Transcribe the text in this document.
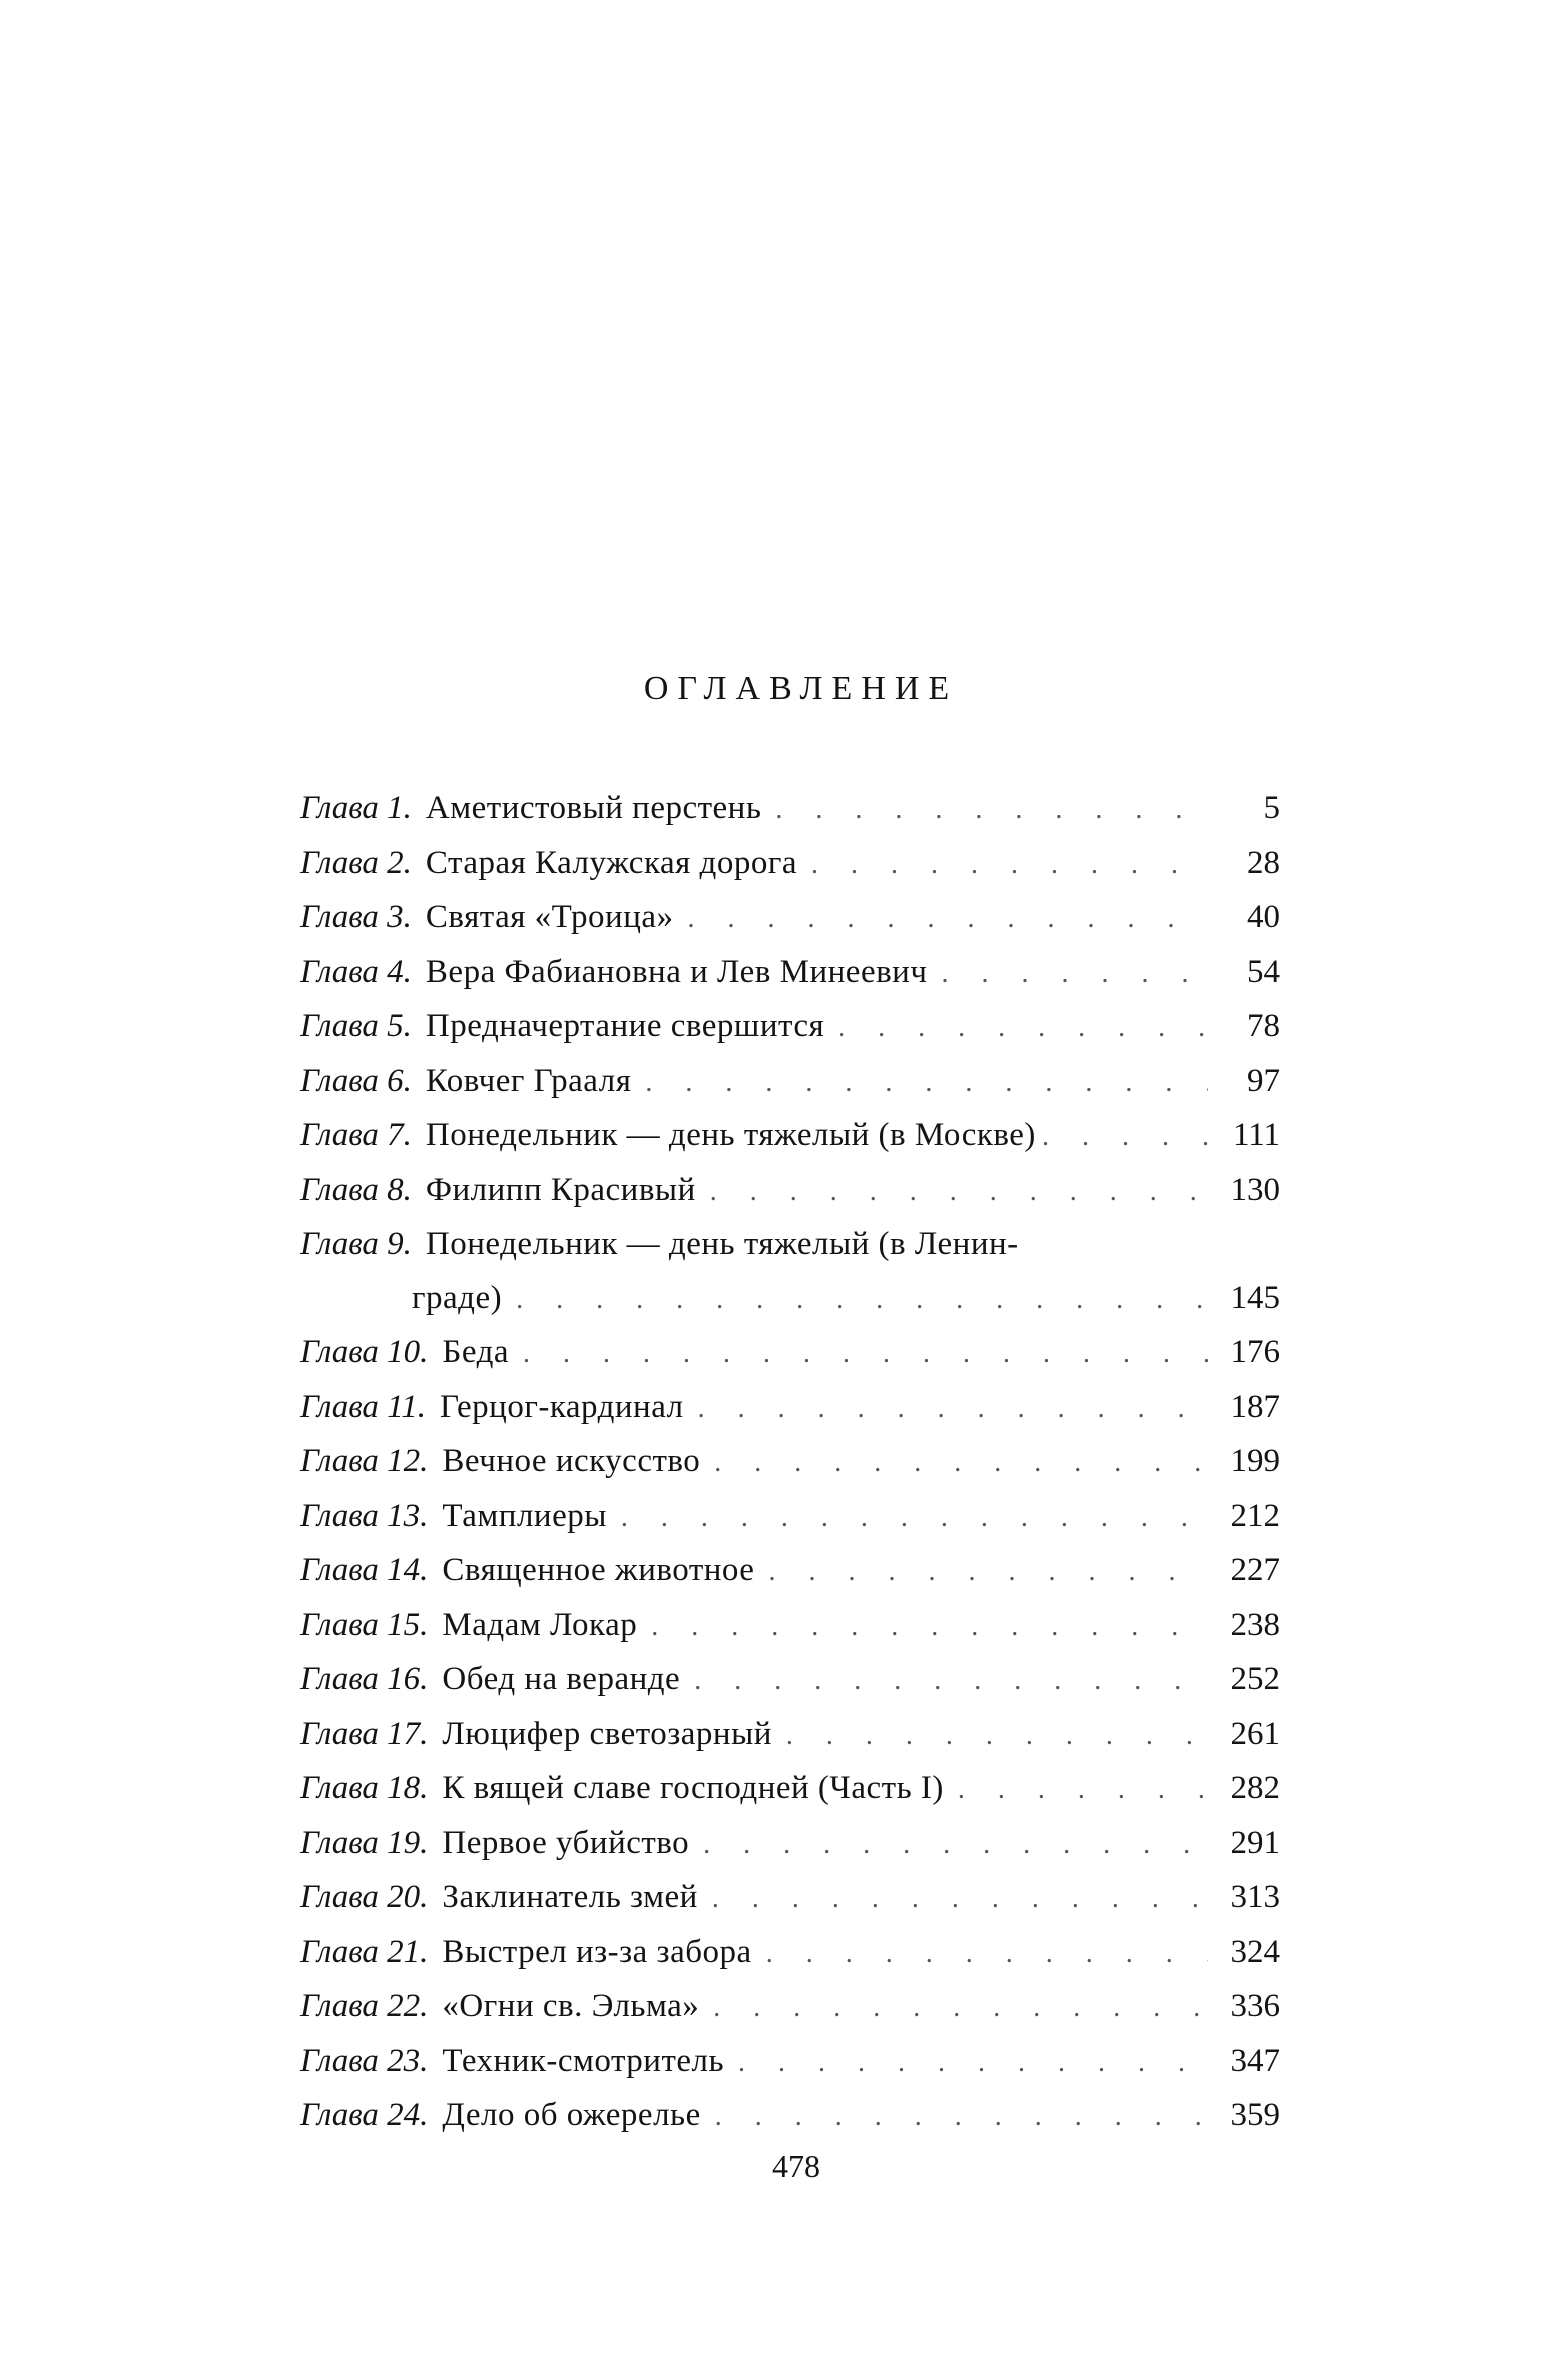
ОГЛАВЛЕНИЕ
Глава 1. Аметистовый перстень . . .	5
Глава 2. Старая Калужская дорога . . .	28
Глава 3. Святая «Троица» . . .	40
Глава 4. Вера Фабиановна и Лев Минеевич . . .	54
Глава 5. Предначертание свершится . . .	78
Глава 6. Ковчег Грааля . . .	97
Глава 7. Понедельник — день тяжелый (в Москве) . . .	111
Глава 8. Филипп Красивый . . .	130
Глава 9. Понедельник — день тяжелый (в Ленин-
граде) . . .	145
Глава 10. Беда . . .	176
Глава 11. Герцог-кардинал . . .	187
Глава 12. Вечное искусство . . .	199
Глава 13. Тамплиеры . . .	212
Глава 14. Священное животное . . .	227
Глава 15. Мадам Локар . . .	238
Глава 16. Обед на веранде . . .	252
Глава 17. Люцифер светозарный . . .	261
Глава 18. К вящей славе господней (Часть I) . . .	282
Глава 19. Первое убийство . . .	291
Глава 20. Заклинатель змей . . .	313
Глава 21. Выстрел из-за забора . . .	324
Глава 22. «Огни св. Эльма» . . .	336
Глава 23. Техник-смотритель . . .	347
Глава 24. Дело об ожерелье . . .	359
478
